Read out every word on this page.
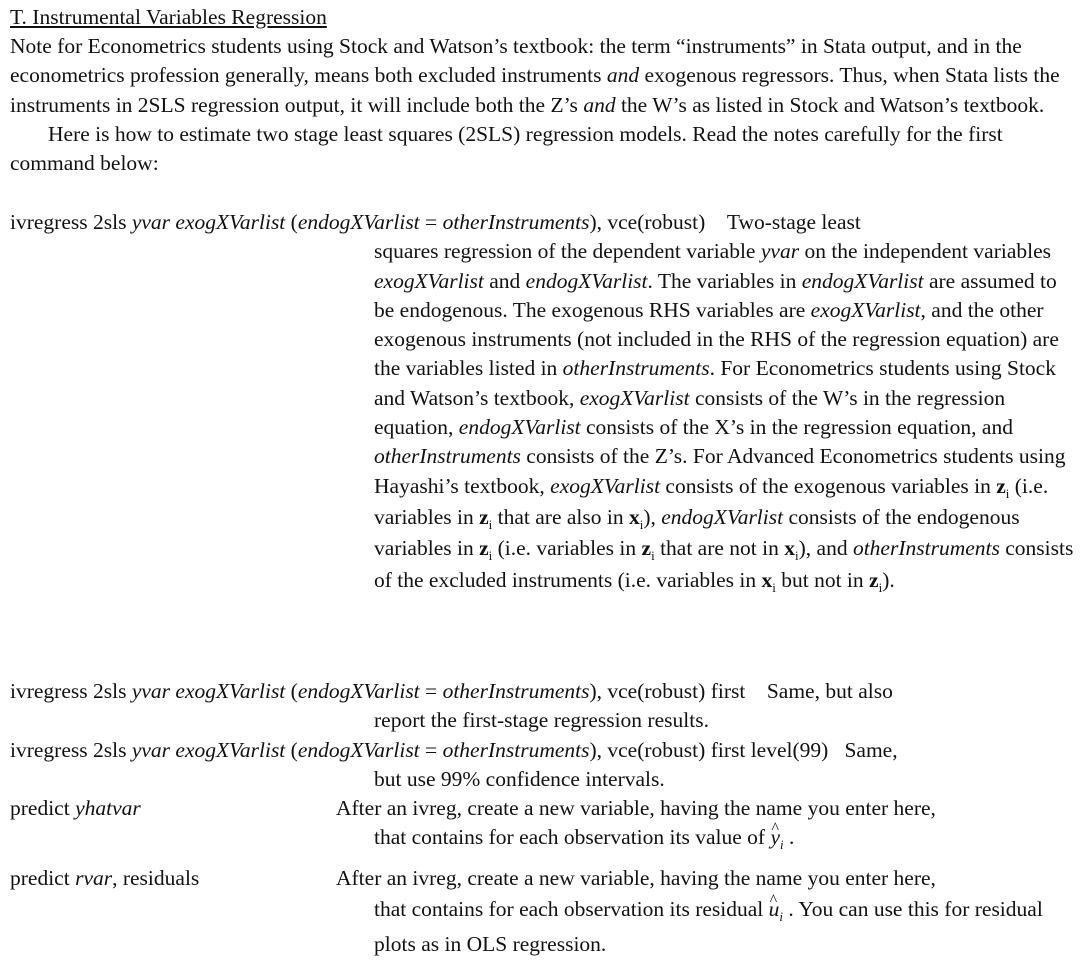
T. Instrumental Variables Regression

Note for Econometrics students using Stock and Watson’s textbook: the term “instruments” in Stata output, and in the econometrics profession generally, means both excluded instruments and exogenous regressors. Thus, when Stata lists the instruments in 2SLS regression output, it will include both the Z’s and the W’s as listed in Stock and Watson’s textbook.

Here is how to estimate two stage least squares (2SLS) regression models. Read the notes carefully for the first command below:

ivregress 2sls yvar exogXVarlist (endogXVarlist = otherInstruments), vce(robust) Two-stage least
squares regression of the dependent variable yvar on the independent variables exogXVarlist and endogXVarlist. The variables in endogXVarlist are assumed to be endogenous. The exogenous RHS variables are exogXVarlist, and the other exogenous instruments (not included in the RHS of the regression equation) are the variables listed in otherInstruments. For Econometrics students using Stock and Watson’s textbook, exogXVarlist consists of the W’s in the regression equation, endogXVarlist consists of the X’s in the regression equation, and otherInstruments consists of the Z’s. For Advanced Econometrics students using Hayashi’s textbook, exogXVarlist consists of the exogenous variables in $z_i$ (i.e. variables in $z_i$ that are also in $x_i$), endogXVarlist consists of the endogenous variables in $z_i$ (i.e. variables in $z_i$ that are not in $x_i$), and otherInstruments consists of the excluded instruments (i.e. variables in $x_i$ but not in $z_i$).
ivregress 2sls yvar exogXVarlist (endogXVarlist = otherInstruments), vce(robust) first Same, but also
report the first-stage regression results.
ivregress 2sls yvar exogXVarlist (endogXVarlist = otherInstruments), vce(robust) first level(99) Same,
but use 99% confidence intervals.
predict yhatvar	After an ivreg, create a new variable, having the name you enter here,
that contains for each observation its value of ^ $y_i$ .
predict rvar, residuals	After an ivreg, create a new variable, having the name you enter here,
that contains for each observation its residual ^ $u_i$ . You can use this for residual plots as in OLS regression.
